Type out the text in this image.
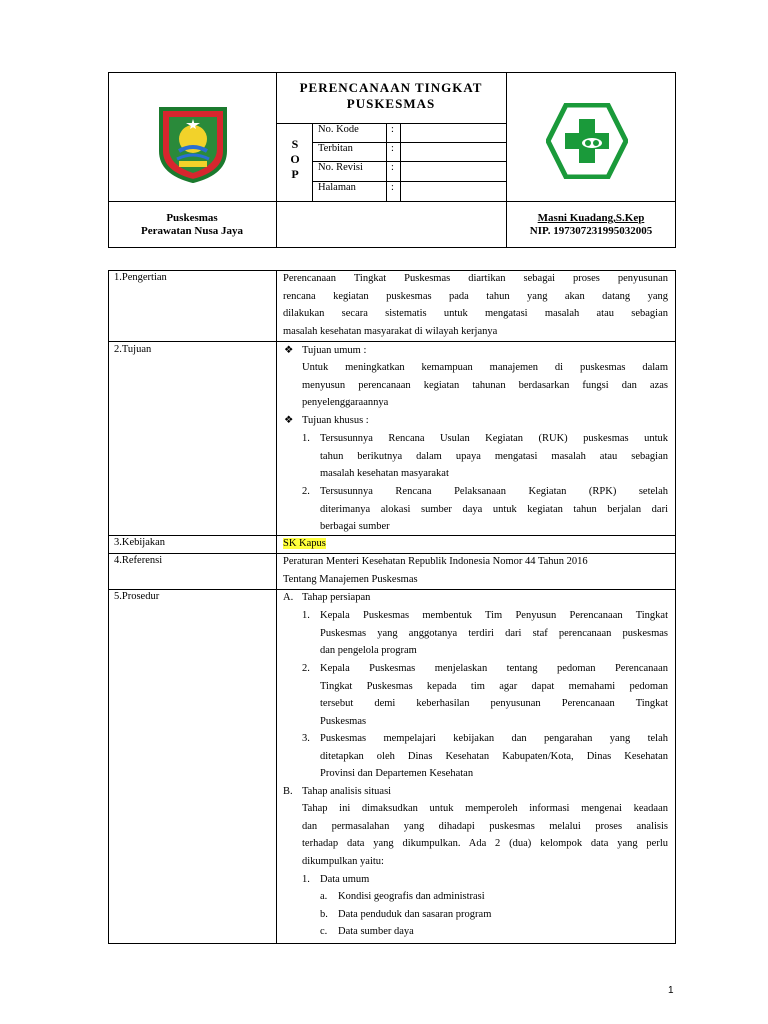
PERENCANAAN TINGKAT
PUSKESMAS
S
O
P
No. Kode	:
Terbitan	:
No. Revisi	:
Halaman	:
Puskesmas
Perawatan Nusa Jaya
Masni Kuadang,S.Kep
NIP. 197307231995032005
1.Pengertian	Perencanaan Tingkat Puskesmas diartikan sebagai proses penyusunan
rencana kegiatan puskesmas pada tahun yang akan datang yang
dilakukan secara sistematis untuk mengatasi masalah atau sebagian
masalah kesehatan masyarakat di wilayah kerjanya
2.Tujuan	❖ Tujuan umum :
Untuk meningkatkan kemampuan manajemen di puskesmas dalam
menyusun perencanaan kegiatan tahunan berdasarkan fungsi dan azas
penyelenggaraannya
❖ Tujuan khusus :
1. Tersusunnya Rencana Usulan Kegiatan (RUK) puskesmas untuk
tahun berikutnya dalam upaya mengatasi masalah atau sebagian
masalah kesehatan masyarakat
2. Tersusunnya Rencana Pelaksanaan Kegiatan (RPK) setelah
diterimanya alokasi sumber daya untuk kegiatan tahun berjalan dari
berbagai sumber
3.Kebijakan	SK Kapus
4.Referensi	Peraturan Menteri Kesehatan Republik Indonesia Nomor 44 Tahun 2016
Tentang Manajemen Puskesmas
5.Prosedur	A. Tahap persiapan
1. Kepala Puskesmas membentuk Tim Penyusun Perencanaan Tingkat
Puskesmas yang anggotanya terdiri dari staf perencanaan puskesmas
dan pengelola program
2. Kepala Puskesmas menjelaskan tentang pedoman Perencanaan
Tingkat Puskesmas kepada tim agar dapat memahami pedoman
tersebut demi keberhasilan penyusunan Perencanaan Tingkat
Puskesmas
3. Puskesmas mempelajari kebijakan dan pengarahan yang telah
ditetapkan oleh Dinas Kesehatan Kabupaten/Kota, Dinas Kesehatan
Provinsi dan Departemen Kesehatan
B. Tahap analisis situasi
Tahap ini dimaksudkan untuk memperoleh informasi mengenai keadaan
dan permasalahan yang dihadapi puskesmas melalui proses analisis
terhadap data yang dikumpulkan. Ada 2 (dua) kelompok data yang perlu
dikumpulkan yaitu:
1. Data umum
a. Kondisi geografis dan administrasi
b. Data penduduk dan sasaran program
c. Data sumber daya
1
